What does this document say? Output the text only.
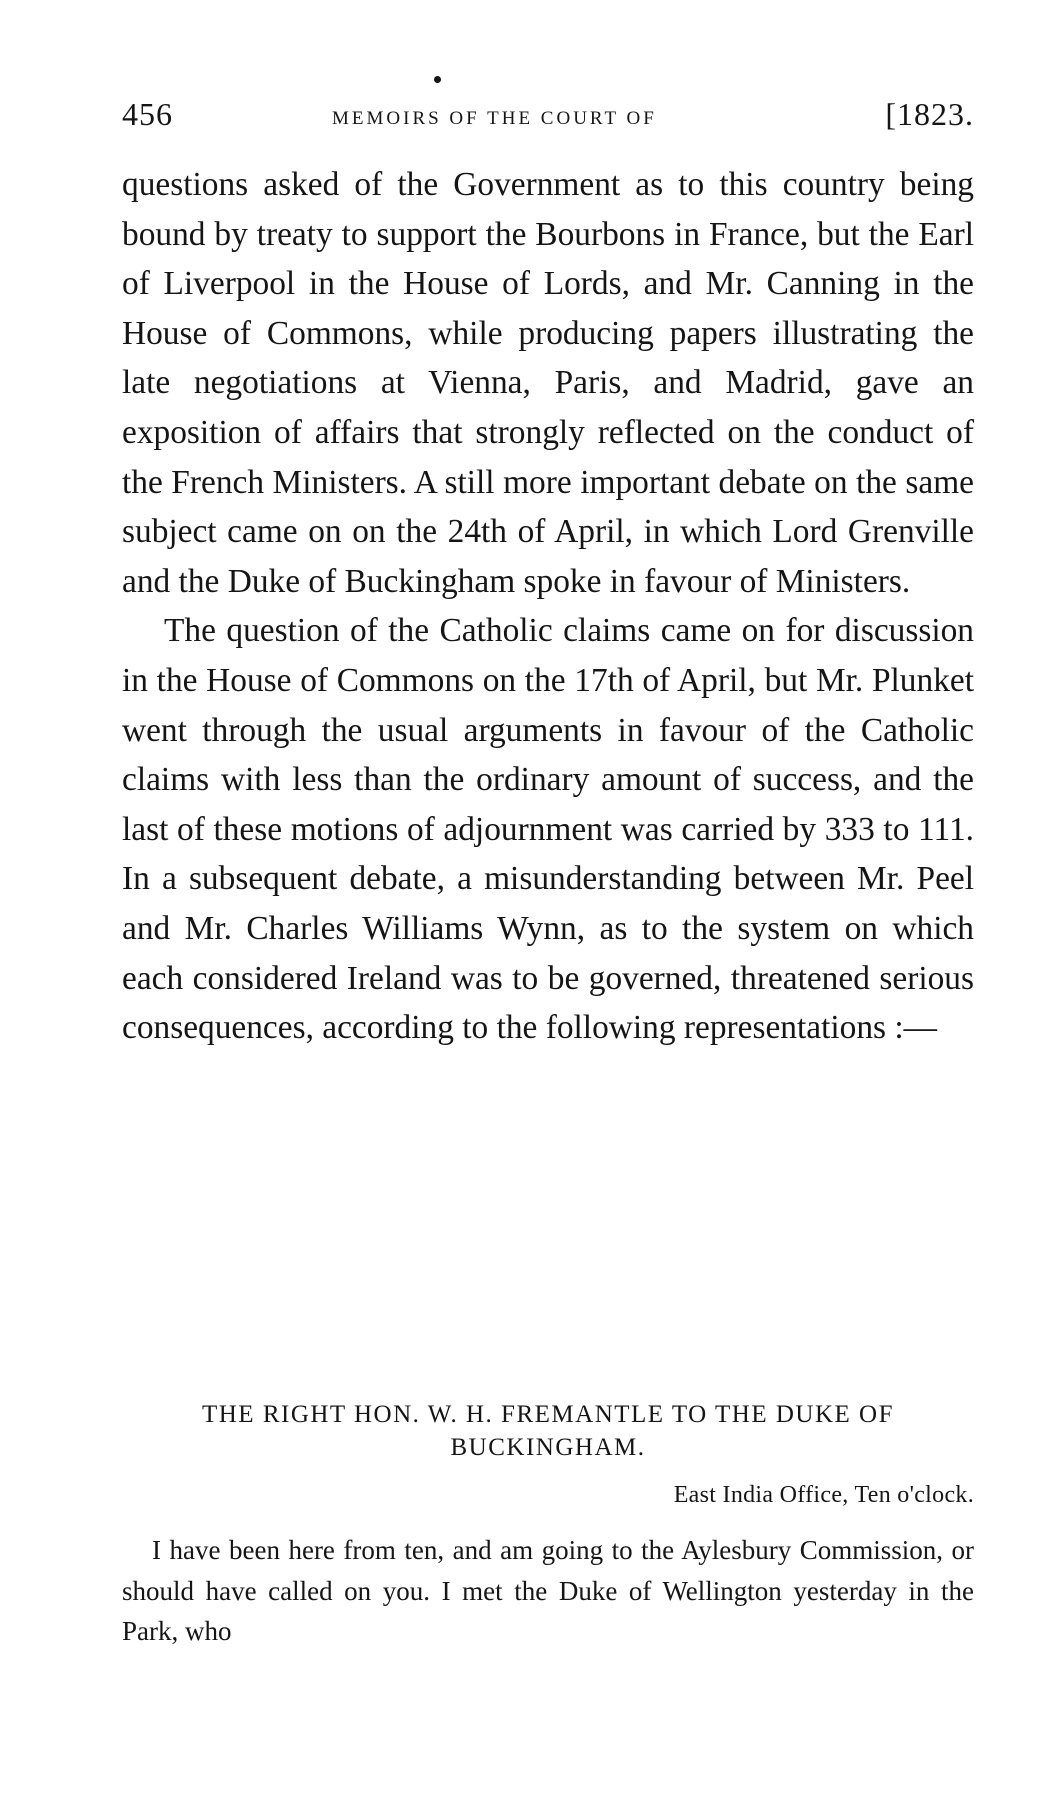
456	MEMOIRS OF THE COURT OF	[1823.

questions asked of the Government as to this country being bound by treaty to support the Bourbons in France, but the Earl of Liverpool in the House of Lords, and Mr. Canning in the House of Commons, while producing papers illustrating the late negotiations at Vienna, Paris, and Madrid, gave an exposition of affairs that strongly reflected on the conduct of the French Ministers. A still more important debate on the same subject came on on the 24th of April, in which Lord Grenville and the Duke of Buckingham spoke in favour of Ministers.

The question of the Catholic claims came on for discussion in the House of Commons on the 17th of April, but Mr. Plunket went through the usual arguments in favour of the Catholic claims with less than the ordinary amount of success, and the last of these motions of adjournment was carried by 333 to 111. In a subsequent debate, a misunderstanding between Mr. Peel and Mr. Charles Williams Wynn, as to the system on which each considered Ireland was to be governed, threatened serious consequences, according to the following representations :—

THE RIGHT HON. W. H. FREMANTLE TO THE DUKE OF BUCKINGHAM.
East India Office, Ten o'clock.

I have been here from ten, and am going to the Aylesbury Commission, or should have called on you. I met the Duke of Wellington yesterday in the Park, who
